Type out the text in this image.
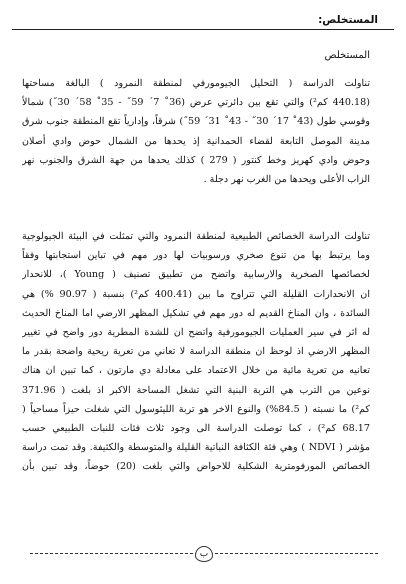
المستخلص:
المستخلص
تناولت الدراسة ( التحليل الجيومورفي لمنطقة النمرود ) البالغة مساحتها
(440.18 كم²) والتي تقع بين دائرتي عرض (36˚ 7´ 59˝ - 35˚ 58´ 30˝) شمالاً
وقوسي طول (43˚ 17´ 30˝ - 43˚ 31´ 59˝) شرقاً، وإدارياً تقع المنطقة جنوب شرق
مدينة الموصل التابعة لقضاء الحمدانية إذ يحدها من الشمال حوض وادي أصلان
وحوض وادي كهريز وخط كنتور ( 279 ) كذلك يحدها من جهة الشرق والجنوب نهر
الزاب الأعلى ويحدها من الغرب نهر دجلة .
تناولت الدراسة الخصائص الطبيعية لمنطقة النمرود والتي تمثلت في البيئة الجيولوجية
وما يرتبط بها من تنوع صخري ورسوبيات لها دور مهم في تباين استجابتها وفقاً
لخصائصها الصخرية والارسابية واتضح من تطبيق تصنيف ( Young )، للانحدار
ان الانحدارات القليلة التي تتراوح ما بين (400.41 كم²) بنسبة ( 90.97 %) هي
السائدة ، وان المناخ القديم له دور مهم في تشكيل المظهر الارضي اما المناخ الحديث
له اثر في سير العمليات الجيومورفية واتضح ان للشدة المطرية دور واضح في تغيير
المظهر الارضي اذ لوحظ ان منطقة الدراسة لا تعاني من تعرية ريحية واضحة بقدر ما
تعانيه من تعرية مائية من خلال الاعتماد على معادلة دي مارتون ، كما تبين ان هناك
نوعين من الترب هي التربة البنية التي تشغل المساحة الاكبر اذ بلغت ( 371.96
كم²) ما نسبته ( 84.5%) والنوع الاخر هو تربة الليثوسول التي شغلت حيزاً مساحياً (
68.17 كم²) ، كما توصلت الدراسة الى وجود ثلاث فئات للنبات الطبيعي حسب
مؤشر ( NDVI ) وهي فئة الكثافة النباتية القليلة والمتوسطة والكثيفة. وقد تمت دراسة
الخصائص المورفومترية الشكلية للاحواض والتي بلغت (20) حوضاً، وقد تبين بأن
ب
